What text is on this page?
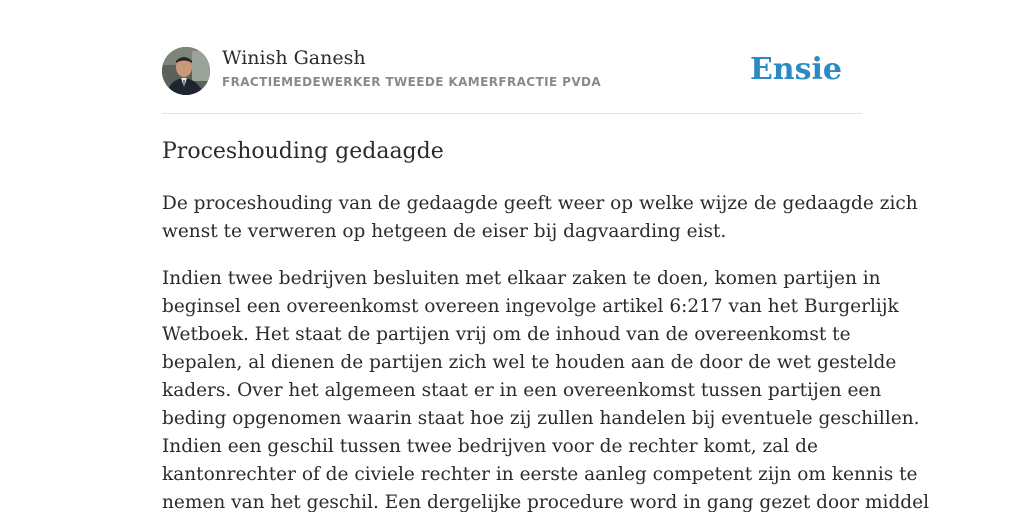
Winish Ganesh
FRACTIEMEDEWERKER TWEEDE KAMERFRACTIE PVDA	Ensie
Proceshouding gedaagde

De proceshouding van de gedaagde geeft weer op welke wijze de gedaagde zich
wenst te verweren op hetgeen de eiser bij dagvaarding eist.

Indien twee bedrijven besluiten met elkaar zaken te doen, komen partijen in
beginsel een overeenkomst overeen ingevolge artikel 6:217 van het Burgerlijk
Wetboek. Het staat de partijen vrij om de inhoud van de overeenkomst te
bepalen, al dienen de partijen zich wel te houden aan de door de wet gestelde
kaders. Over het algemeen staat er in een overeenkomst tussen partijen een
beding opgenomen waarin staat hoe zij zullen handelen bij eventuele geschillen.
Indien een geschil tussen twee bedrijven voor de rechter komt, zal de
kantonrechter of de civiele rechter in eerste aanleg competent zijn om kennis te
nemen van het geschil. Een dergelijke procedure word in gang gezet door middel
